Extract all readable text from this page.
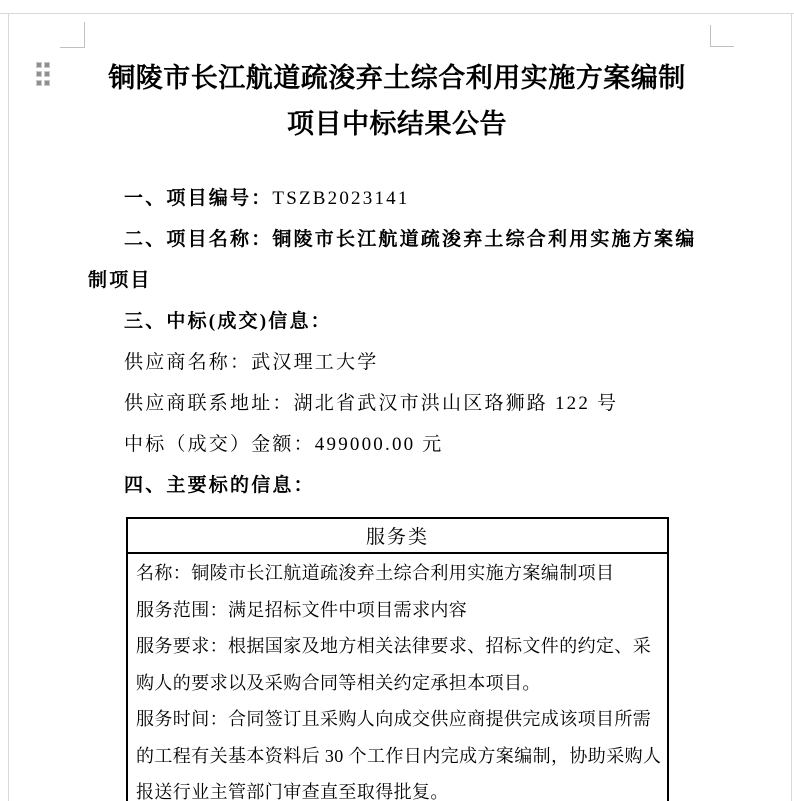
铜陵市长江航道疏浚弃土综合利用实施方案编制
项目中标结果公告
一、项目编号：TSZB2023141
二、项目名称：铜陵市长江航道疏浚弃土综合利用实施方案编制项目
三、中标(成交)信息：
供应商名称：武汉理工大学
供应商联系地址：湖北省武汉市洪山区珞狮路 122 号
中标（成交）金额：499000.00 元
四、主要标的信息：
服务类
名称：铜陵市长江航道疏浚弃土综合利用实施方案编制项目
服务范围：满足招标文件中项目需求内容
服务要求：根据国家及地方相关法律要求、招标文件的约定、采购人的要求以及采购合同等相关约定承担本项目。
服务时间：合同签订且采购人向成交供应商提供完成该项目所需的工程有关基本资料后 30 个工作日内完成方案编制，协助采购人报送行业主管部门审查直至取得批复。
